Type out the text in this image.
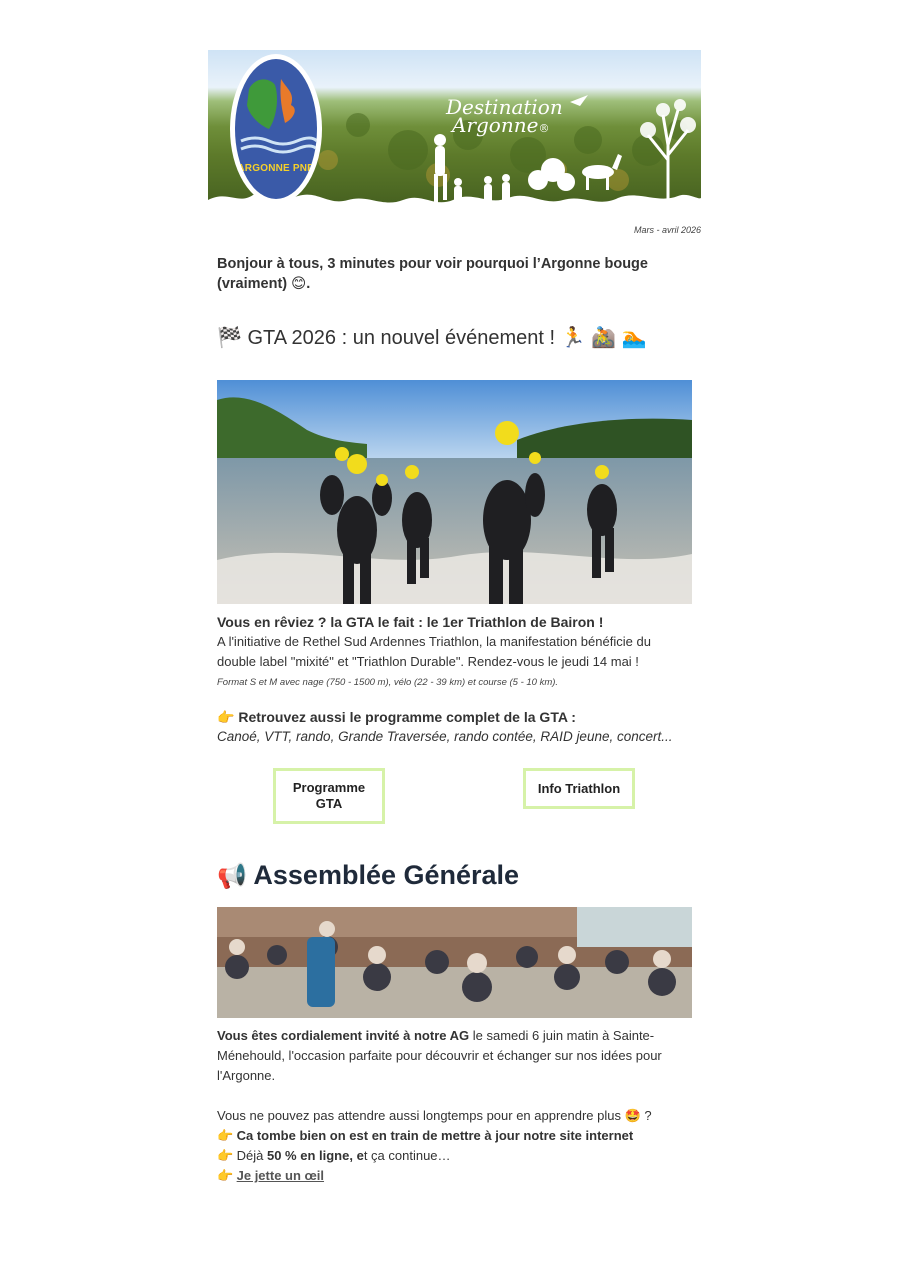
ARGONNE PNR
Destination
Argonne®
Mars - avril 2026
Bonjour à tous, 3 minutes pour voir pourquoi l’Argonne bouge (vraiment) 😊.
🏁 GTA 2026 : un nouvel événement ! 🏃 🚵 🏊
Vous en rêviez ? la GTA le fait : le 1er Triathlon de Bairon !
A l'initiative de Rethel Sud Ardennes Triathlon, la manifestation bénéficie du double label "mixité" et "Triathlon Durable". Rendez-vous le jeudi 14 mai !
Format S et M avec nage (750 - 1500 m), vélo (22 - 39 km) et course (5 - 10 km).
👉 Retrouvez aussi le programme complet de la GTA :
Canoé, VTT, rando, Grande Traversée, rando contée, RAID jeune, concert...
Programme GTA
Info Triathlon
📢 Assemblée Générale
Vous êtes cordialement invité à notre AG le samedi 6 juin matin à Sainte-Ménehould, l'occasion parfaite pour découvrir et échanger sur nos idées pour l'Argonne.
Vous ne pouvez pas attendre aussi longtemps pour en apprendre plus 🤩 ?
👉 Ca tombe bien on est en train de mettre à jour notre site internet
👉 Déjà 50 % en ligne, et ça continue…
👉 Je jette un œil
